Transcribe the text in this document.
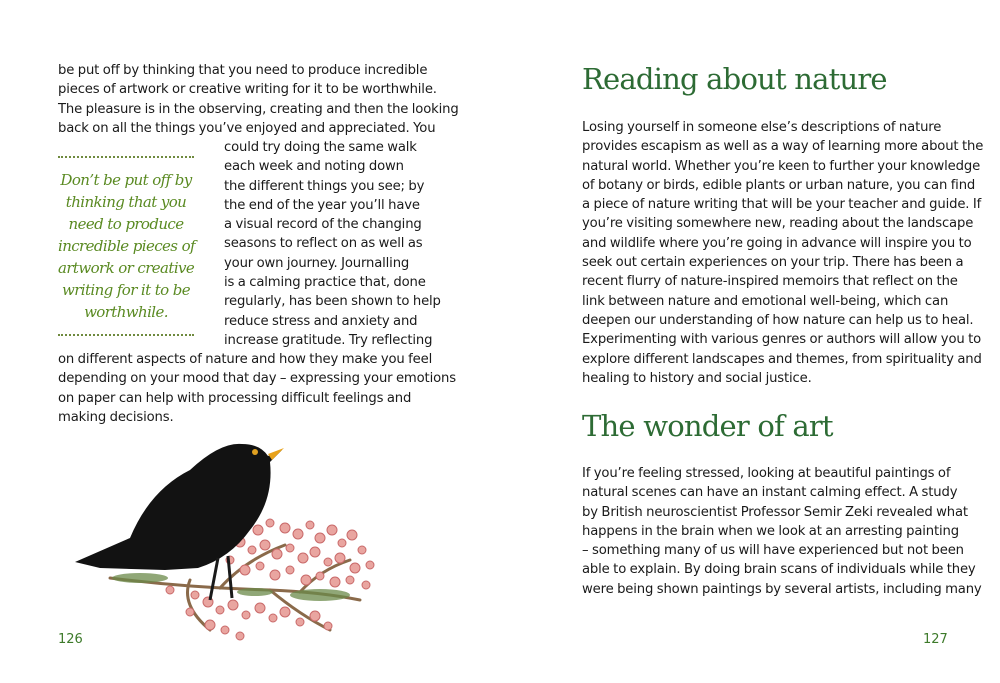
be put off by thinking that you need to produce incredible
pieces of artwork or creative writing for it to be worthwhile.
The pleasure is in the observing, creating and then the looking
back on all the things you’ve enjoyed and appreciated. You
Don’t be put off by
thinking that you
need to produce
incredible pieces of
artwork or creative
writing for it to be
worthwhile.
could try doing the same walk
each week and noting down
the different things you see; by
the end of the year you’ll have
a visual record of the changing
seasons to reflect on as well as
your own journey. Journalling
is a calming practice that, done
regularly, has been shown to help
reduce stress and anxiety and
increase gratitude. Try reflecting
on different aspects of nature and how they make you feel
depending on your mood that day – expressing your emotions
on paper can help with processing difficult feelings and
making decisions.
126
Reading about nature
Losing yourself in someone else’s descriptions of nature
provides escapism as well as a way of learning more about the
natural world. Whether you’re keen to further your knowledge
of botany or birds, edible plants or urban nature, you can find
a piece of nature writing that will be your teacher and guide. If
you’re visiting somewhere new, reading about the landscape
and wildlife where you’re going in advance will inspire you to
seek out certain experiences on your trip. There has been a
recent flurry of nature-inspired memoirs that reflect on the
link between nature and emotional well-being, which can
deepen our understanding of how nature can help us to heal.
Experimenting with various genres or authors will allow you to
explore different landscapes and themes, from spirituality and
healing to history and social justice.
The wonder of art
If you’re feeling stressed, looking at beautiful paintings of
natural scenes can have an instant calming effect. A study
by British neuroscientist Professor Semir Zeki revealed what
happens in the brain when we look at an arresting painting
– something many of us will have experienced but not been
able to explain. By doing brain scans of individuals while they
were being shown paintings by several artists, including many
127
